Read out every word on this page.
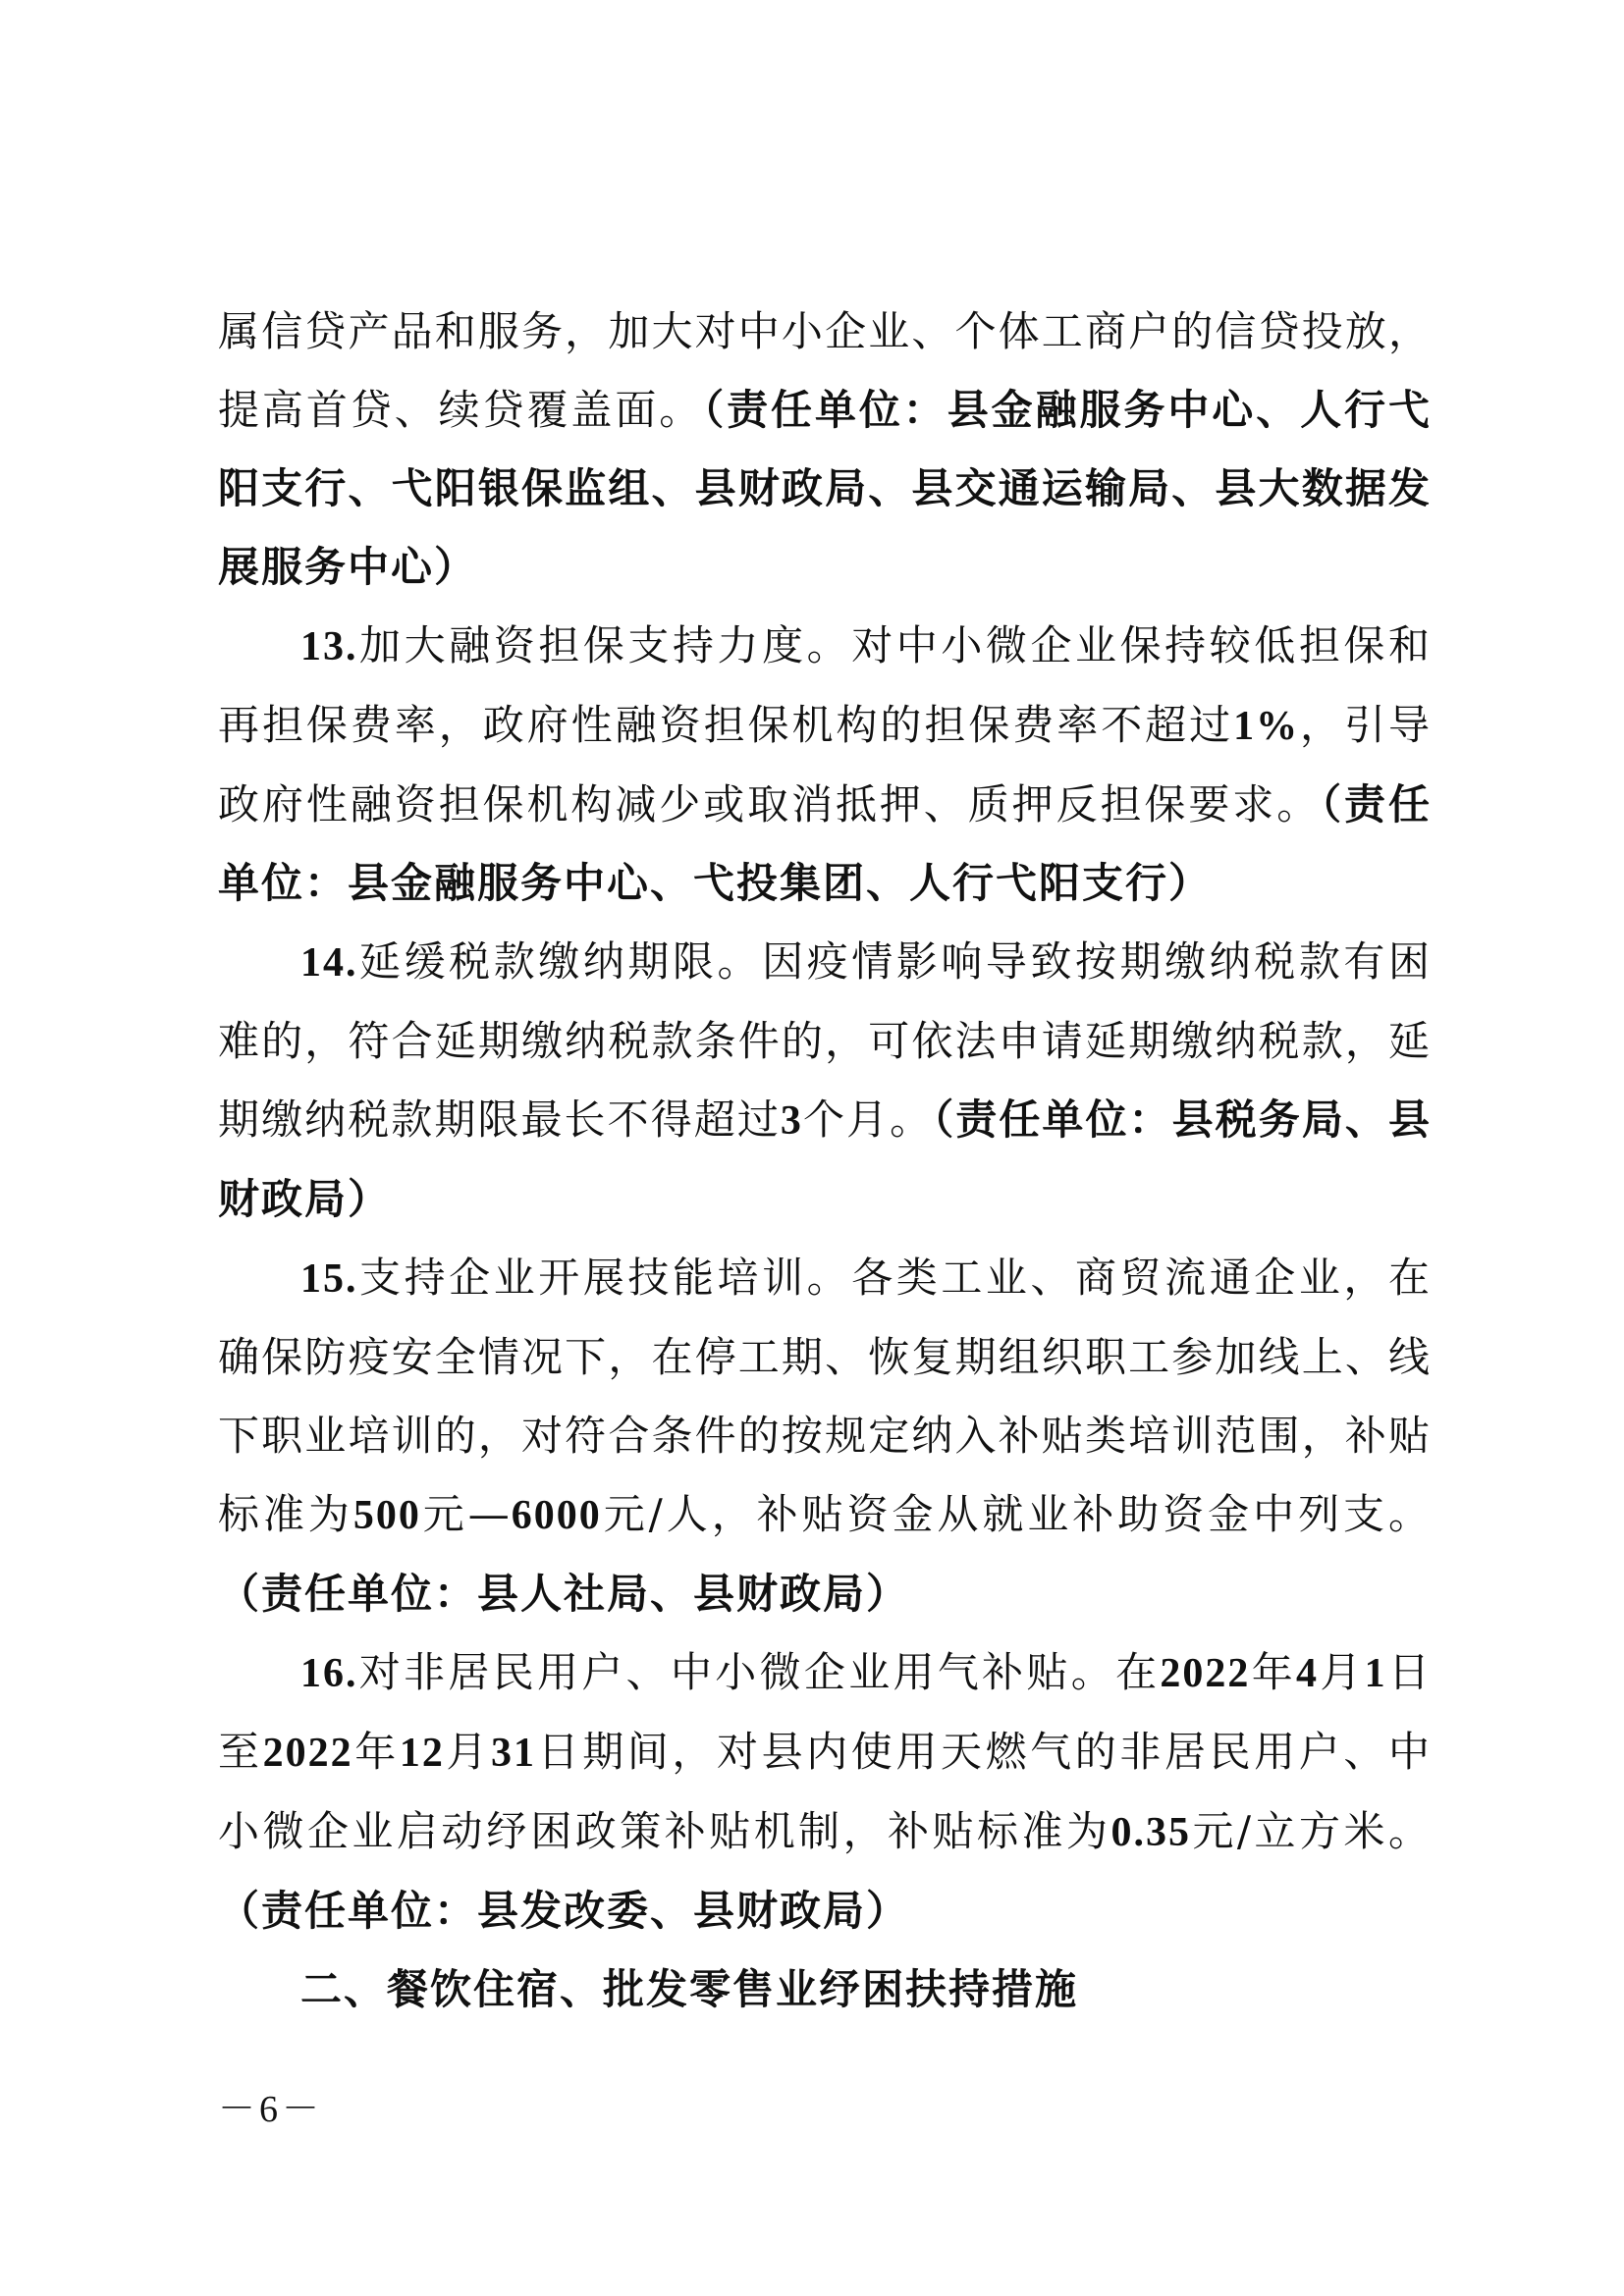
属信贷产品和服务，加大对中小企业、个体工商户的信贷投放，提高首贷、续贷覆盖面。（责任单位：县金融服务中心、人行弋阳支行、弋阳银保监组、县财政局、县交通运输局、县大数据发展服务中心）

13.加大融资担保支持力度。对中小微企业保持较低担保和再担保费率，政府性融资担保机构的担保费率不超过1%，引导政府性融资担保机构减少或取消抵押、质押反担保要求。（责任单位：县金融服务中心、弋投集团、人行弋阳支行）

14.延缓税款缴纳期限。因疫情影响导致按期缴纳税款有困难的，符合延期缴纳税款条件的，可依法申请延期缴纳税款，延期缴纳税款期限最长不得超过3个月。（责任单位：县税务局、县财政局）

15.支持企业开展技能培训。各类工业、商贸流通企业，在确保防疫安全情况下，在停工期、恢复期组织职工参加线上、线下职业培训的，对符合条件的按规定纳入补贴类培训范围，补贴标准为500元—6000元/人，补贴资金从就业补助资金中列支。（责任单位：县人社局、县财政局）

16.对非居民用户、中小微企业用气补贴。在2022年4月1日至2022年12月31日期间，对县内使用天燃气的非居民用户、中小微企业启动纾困政策补贴机制，补贴标准为0.35元/立方米。（责任单位：县发改委、县财政局）

二、餐饮住宿、批发零售业纾困扶持措施

－6－
